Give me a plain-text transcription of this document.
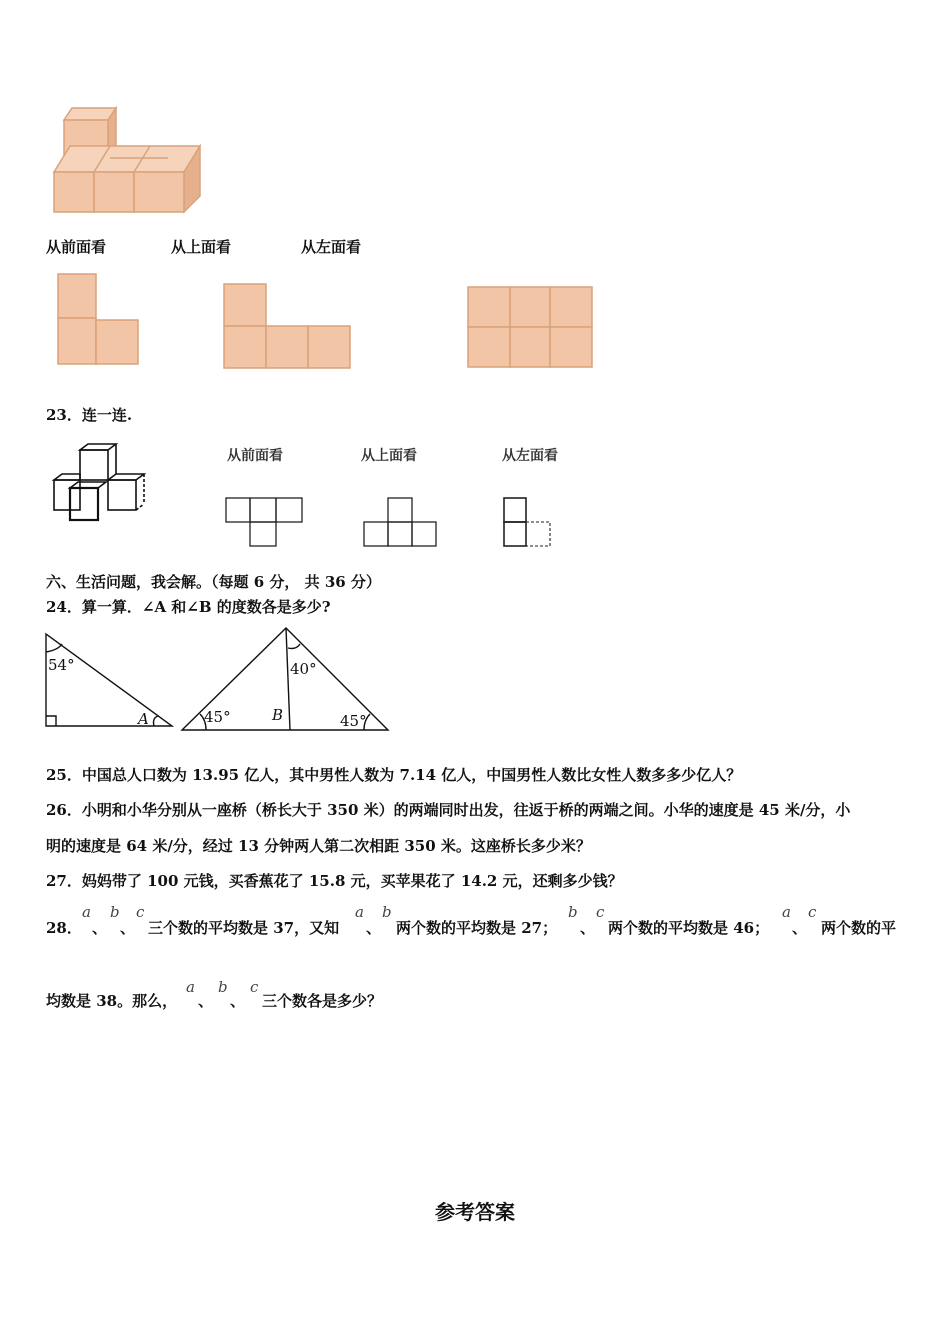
从前面看	从上面看	从左面看
23．连一连.
从前面看	从上面看	从左面看
六、生活问题，我会解。（每题 6 分， 共 36 分）
24．算一算．∠A 和∠B 的度数各是多少?
54°
A
40°
45°	45°
B
25．中国总人口数为 13.95 亿人，其中男性人数为 7.14 亿人，中国男性人数比女性人数多多少亿人？
26．小明和小华分别从一座桥（桥长大于 350 米）的两端同时出发，往返于桥的两端之间。小华的速度是 45 米/分，小
明的速度是 64 米/分，经过 13 分钟两人第二次相距 350 米。这座桥长多少米？
27．妈妈带了 100 元钱，买香蕉花了 15.8 元，买苹果花了 14.2 元，还剩多少钱？
28．
a
、
b
、
c
三个数的平均数是 37，又知
a
、
b
两个数的平均数是 27；
b
、
c
两个数的平均数是 46；
a
、
c
两个数的平
均数是 38。那么，
a
、
b
、
c
三个数各是多少？
参考答案
